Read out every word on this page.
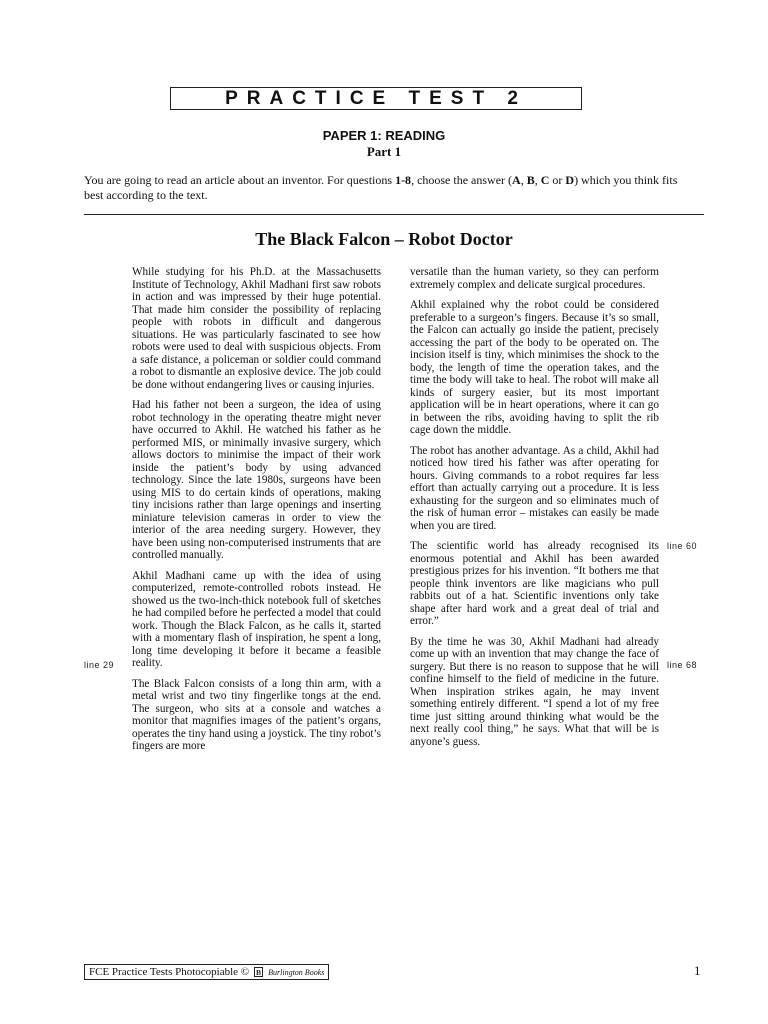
PRACTICE TEST 2
PAPER 1: READING
Part 1
You are going to read an article about an inventor. For questions 1-8, choose the answer (A, B, C or D) which you think fits best according to the text.
The Black Falcon – Robot Doctor

While studying for his Ph.D. at the Massachusetts Institute of Technology, Akhil Madhani first saw robots in action and was impressed by their huge potential. That made him consider the possibility of replacing people with robots in difficult and dangerous situations. He was particularly fascinated to see how robots were used to deal with suspicious objects. From a safe distance, a policeman or soldier could command a robot to dismantle an explosive device. The job could be done without endangering lives or causing injuries.

Had his father not been a surgeon, the idea of using robot technology in the operating theatre might never have occurred to Akhil. He watched his father as he performed MIS, or minimally invasive surgery, which allows doctors to minimise the impact of their work inside the patient’s body by using advanced technology. Since the late 1980s, surgeons have been using MIS to do certain kinds of operations, making tiny incisions rather than large openings and inserting miniature television cameras in order to view the interior of the area needing surgery. However, they have been using non-computerised instruments that are controlled manually.

Akhil Madhani came up with the idea of using computerized, remote-controlled robots instead. He showed us the two-inch-thick notebook full of sketches he had compiled before he perfected a model that could work. Though the Black Falcon, as he calls it, started with a momentary flash of inspiration, he spent a long, long time developing it before it became a feasible reality.

The Black Falcon consists of a long thin arm, with a metal wrist and two tiny fingerlike tongs at the end. The surgeon, who sits at a console and watches a monitor that magnifies images of the patient’s organs, operates the tiny hand using a joystick. The tiny robot’s fingers are more

versatile than the human variety, so they can perform extremely complex and delicate surgical procedures.

Akhil explained why the robot could be considered preferable to a surgeon’s fingers. Because it’s so small, the Falcon can actually go inside the patient, precisely accessing the part of the body to be operated on. The incision itself is tiny, which minimises the shock to the body, the length of time the operation takes, and the time the body will take to heal. The robot will make all kinds of surgery easier, but its most important application will be in heart operations, where it can go in between the ribs, avoiding having to split the rib cage down the middle.

The robot has another advantage. As a child, Akhil had noticed how tired his father was after operating for hours. Giving commands to a robot requires far less effort than actually carrying out a procedure. It is less exhausting for the surgeon and so eliminates much of the risk of human error – mistakes can easily be made when you are tired.

The scientific world has already recognised its enormous potential and Akhil has been awarded prestigious prizes for his invention. “It bothers me that people think inventors are like magicians who pull rabbits out of a hat. Scientific inventions only take shape after hard work and a great deal of trial and error.”

By the time he was 30, Akhil Madhani had already come up with an invention that may change the face of surgery. But there is no reason to suppose that he will confine himself to the field of medicine in the future. When inspiration strikes again, he may invent something entirely different. “I spend a lot of my free time just sitting around thinking what would be the next really cool thing,” he says. What that will be is anyone’s guess.

line 29
line 60
line 68
FCE Practice Tests Photocopiable © B Burlington Books	1
